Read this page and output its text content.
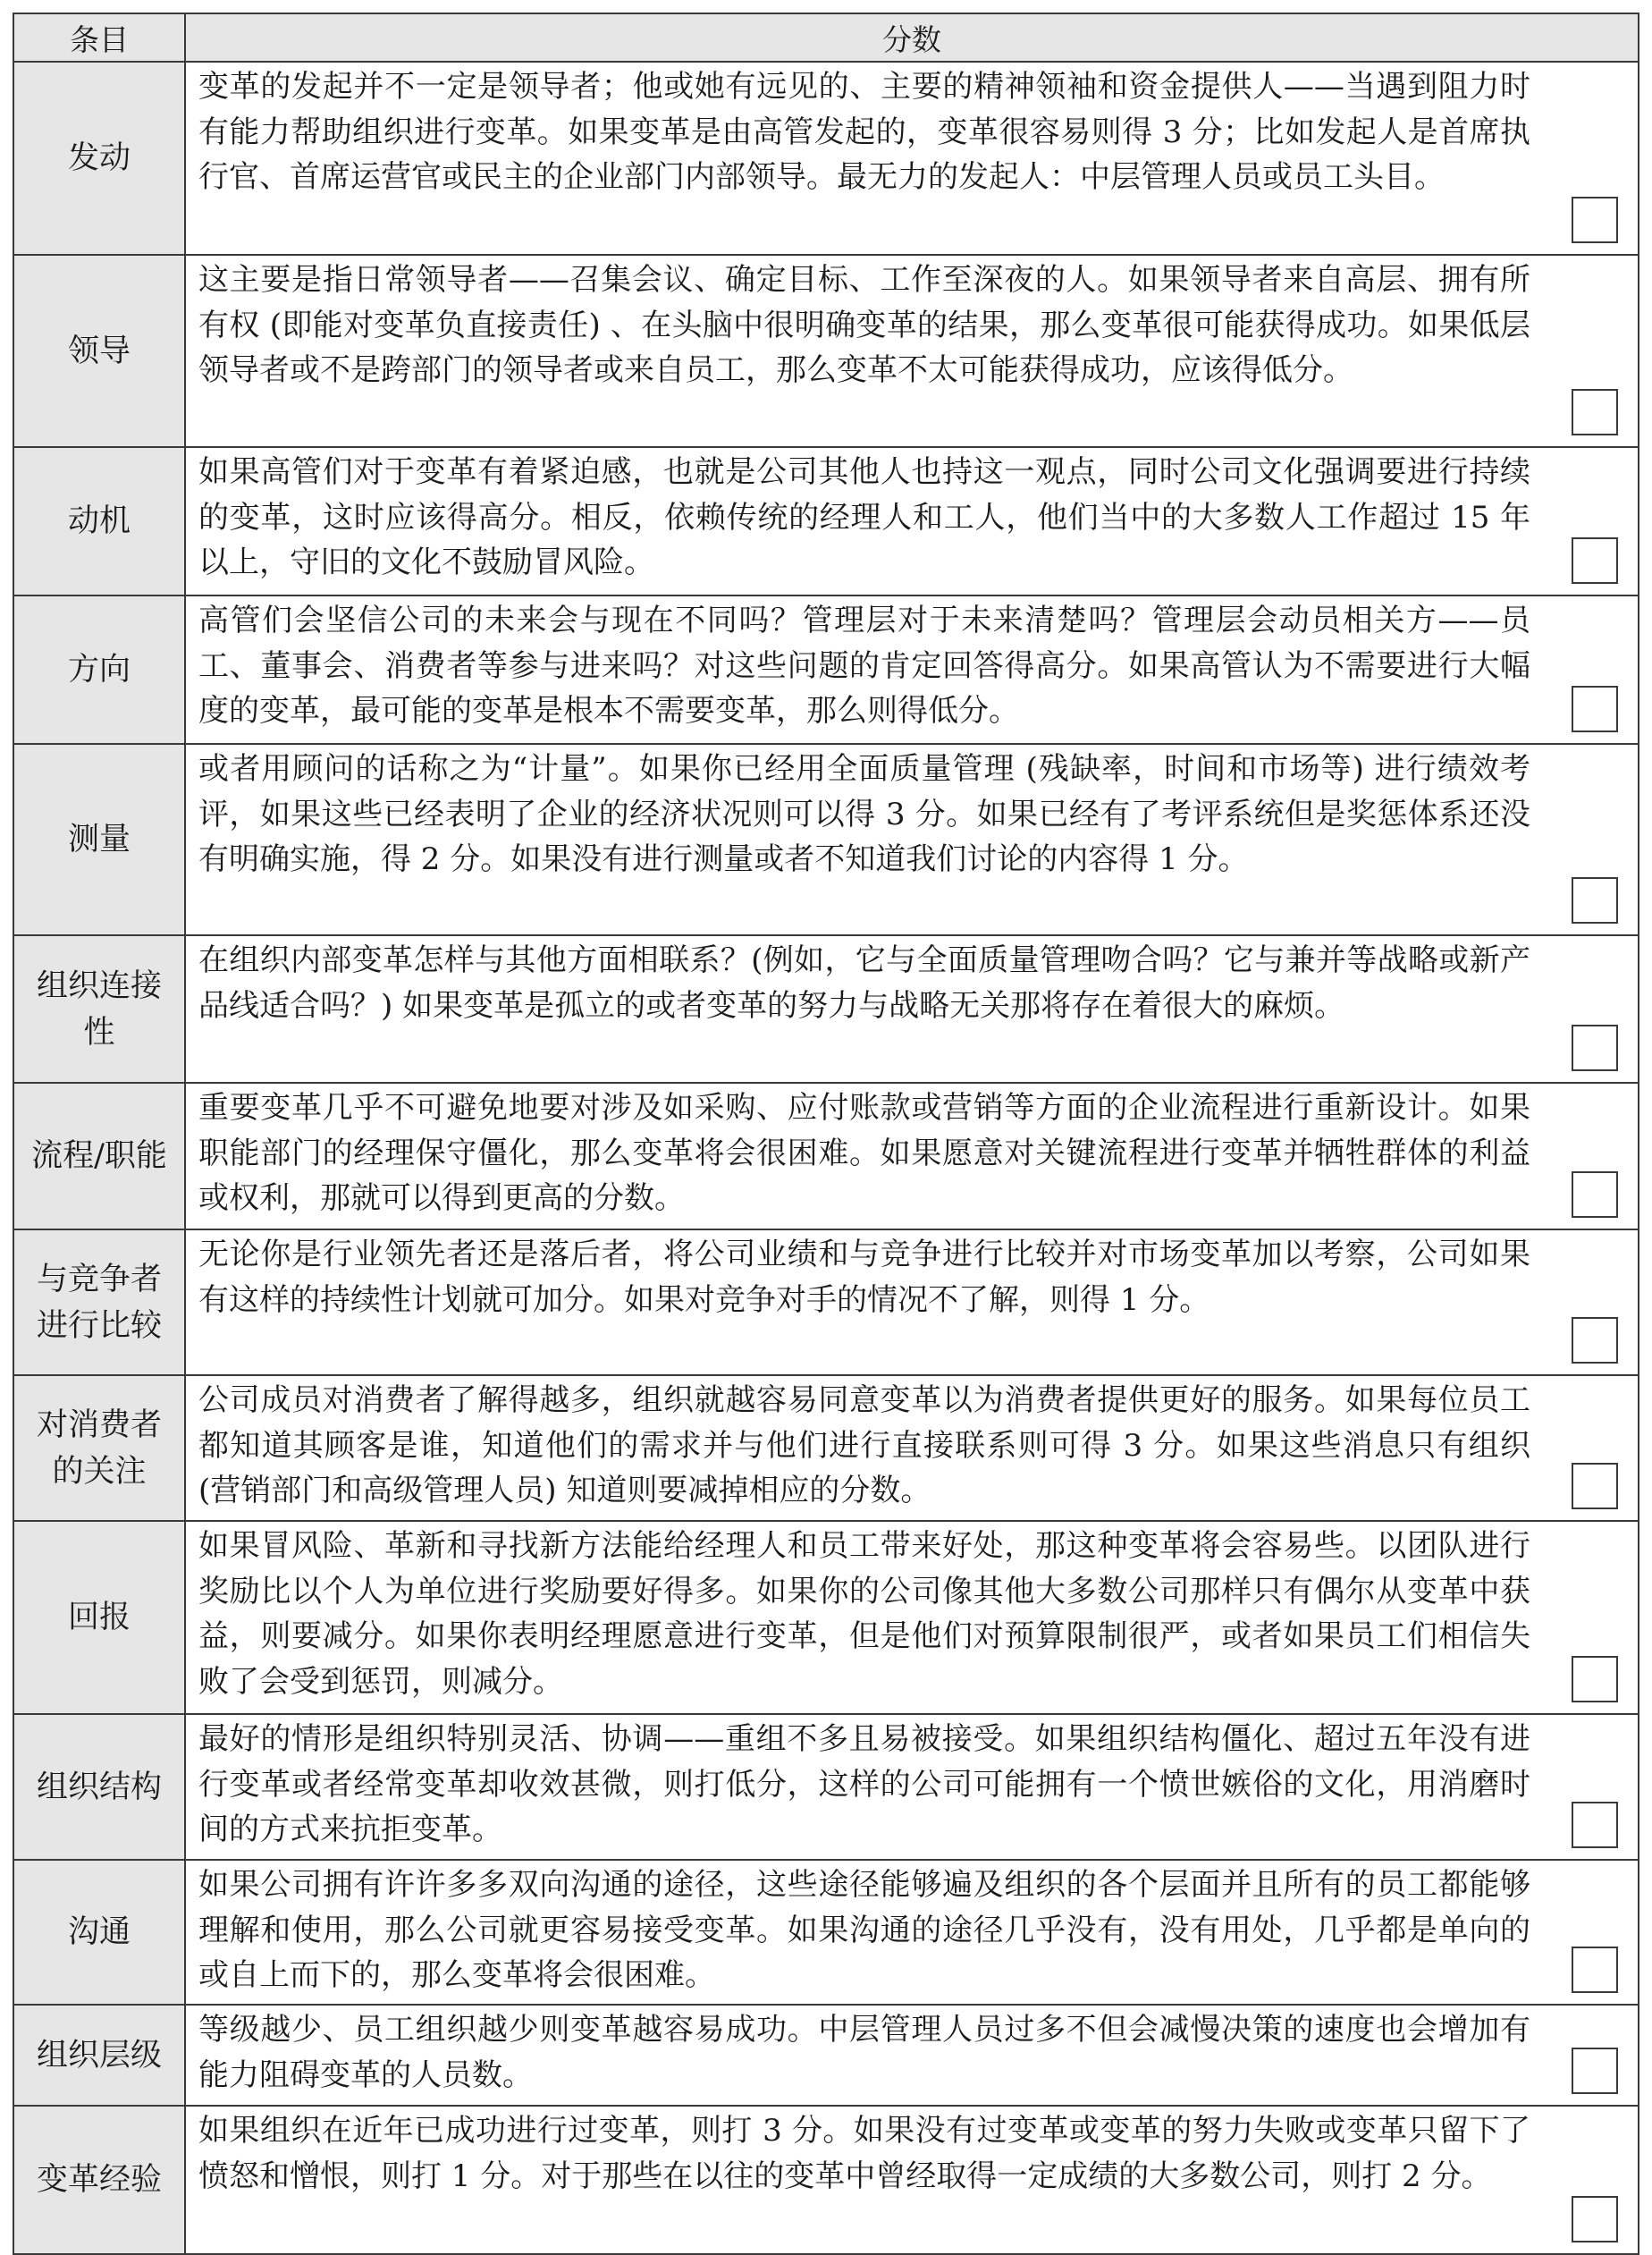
条目	分数
发动	变革的发起并不一定是领导者；他或她有远见的、主要的精神领袖和资金提供人——当遇到阻力时有能力帮助组织进行变革。如果变革是由高管发起的，变革很容易则得 3 分；比如发起人是首席执行官、首席运营官或民主的企业部门内部领导。最无力的发起人：中层管理人员或员工头目。

领导	这主要是指日常领导者——召集会议、确定目标、工作至深夜的人。如果领导者来自高层、拥有所有权 (即能对变革负直接责任) 、在头脑中很明确变革的结果，那么变革很可能获得成功。如果低层领导者或不是跨部门的领导者或来自员工，那么变革不太可能获得成功，应该得低分。

动机	如果高管们对于变革有着紧迫感，也就是公司其他人也持这一观点，同时公司文化强调要进行持续的变革，这时应该得高分。相反，依赖传统的经理人和工人，他们当中的大多数人工作超过 15 年以上，守旧的文化不鼓励冒风险。

方向	高管们会坚信公司的未来会与现在不同吗？管理层对于未来清楚吗？管理层会动员相关方——员工、董事会、消费者等参与进来吗？对这些问题的肯定回答得高分。如果高管认为不需要进行大幅度的变革，最可能的变革是根本不需要变革，那么则得低分。

测量	或者用顾问的话称之为“计量”。如果你已经用全面质量管理 (残缺率，时间和市场等) 进行绩效考评，如果这些已经表明了企业的经济状况则可以得 3 分。如果已经有了考评系统但是奖惩体系还没有明确实施，得 2 分。如果没有进行测量或者不知道我们讨论的内容得 1 分。

组织连接性	在组织内部变革怎样与其他方面相联系？(例如，它与全面质量管理吻合吗？它与兼并等战略或新产品线适合吗？) 如果变革是孤立的或者变革的努力与战略无关那将存在着很大的麻烦。

流程/职能	重要变革几乎不可避免地要对涉及如采购、应付账款或营销等方面的企业流程进行重新设计。如果职能部门的经理保守僵化，那么变革将会很困难。如果愿意对关键流程进行变革并牺牲群体的利益或权利，那就可以得到更高的分数。

与竞争者进行比较	无论你是行业领先者还是落后者，将公司业绩和与竞争进行比较并对市场变革加以考察，公司如果有这样的持续性计划就可加分。如果对竞争对手的情况不了解，则得 1 分。

对消费者的关注	公司成员对消费者了解得越多，组织就越容易同意变革以为消费者提供更好的服务。如果每位员工都知道其顾客是谁，知道他们的需求并与他们进行直接联系则可得 3 分。如果这些消息只有组织 (营销部门和高级管理人员) 知道则要减掉相应的分数。

回报	如果冒风险、革新和寻找新方法能给经理人和员工带来好处，那这种变革将会容易些。以团队进行奖励比以个人为单位进行奖励要好得多。如果你的公司像其他大多数公司那样只有偶尔从变革中获益，则要减分。如果你表明经理愿意进行变革，但是他们对预算限制很严，或者如果员工们相信失败了会受到惩罚，则减分。

组织结构	最好的情形是组织特别灵活、协调——重组不多且易被接受。如果组织结构僵化、超过五年没有进行变革或者经常变革却收效甚微，则打低分，这样的公司可能拥有一个愤世嫉俗的文化，用消磨时间的方式来抗拒变革。

沟通	如果公司拥有许许多多双向沟通的途径，这些途径能够遍及组织的各个层面并且所有的员工都能够理解和使用，那么公司就更容易接受变革。如果沟通的途径几乎没有，没有用处，几乎都是单向的或自上而下的，那么变革将会很困难。

组织层级	等级越少、员工组织越少则变革越容易成功。中层管理人员过多不但会减慢决策的速度也会增加有能力阻碍变革的人员数。

变革经验	如果组织在近年已成功进行过变革，则打 3 分。如果没有过变革或变革的努力失败或变革只留下了愤怒和憎恨，则打 1 分。对于那些在以往的变革中曾经取得一定成绩的大多数公司，则打 2 分。
